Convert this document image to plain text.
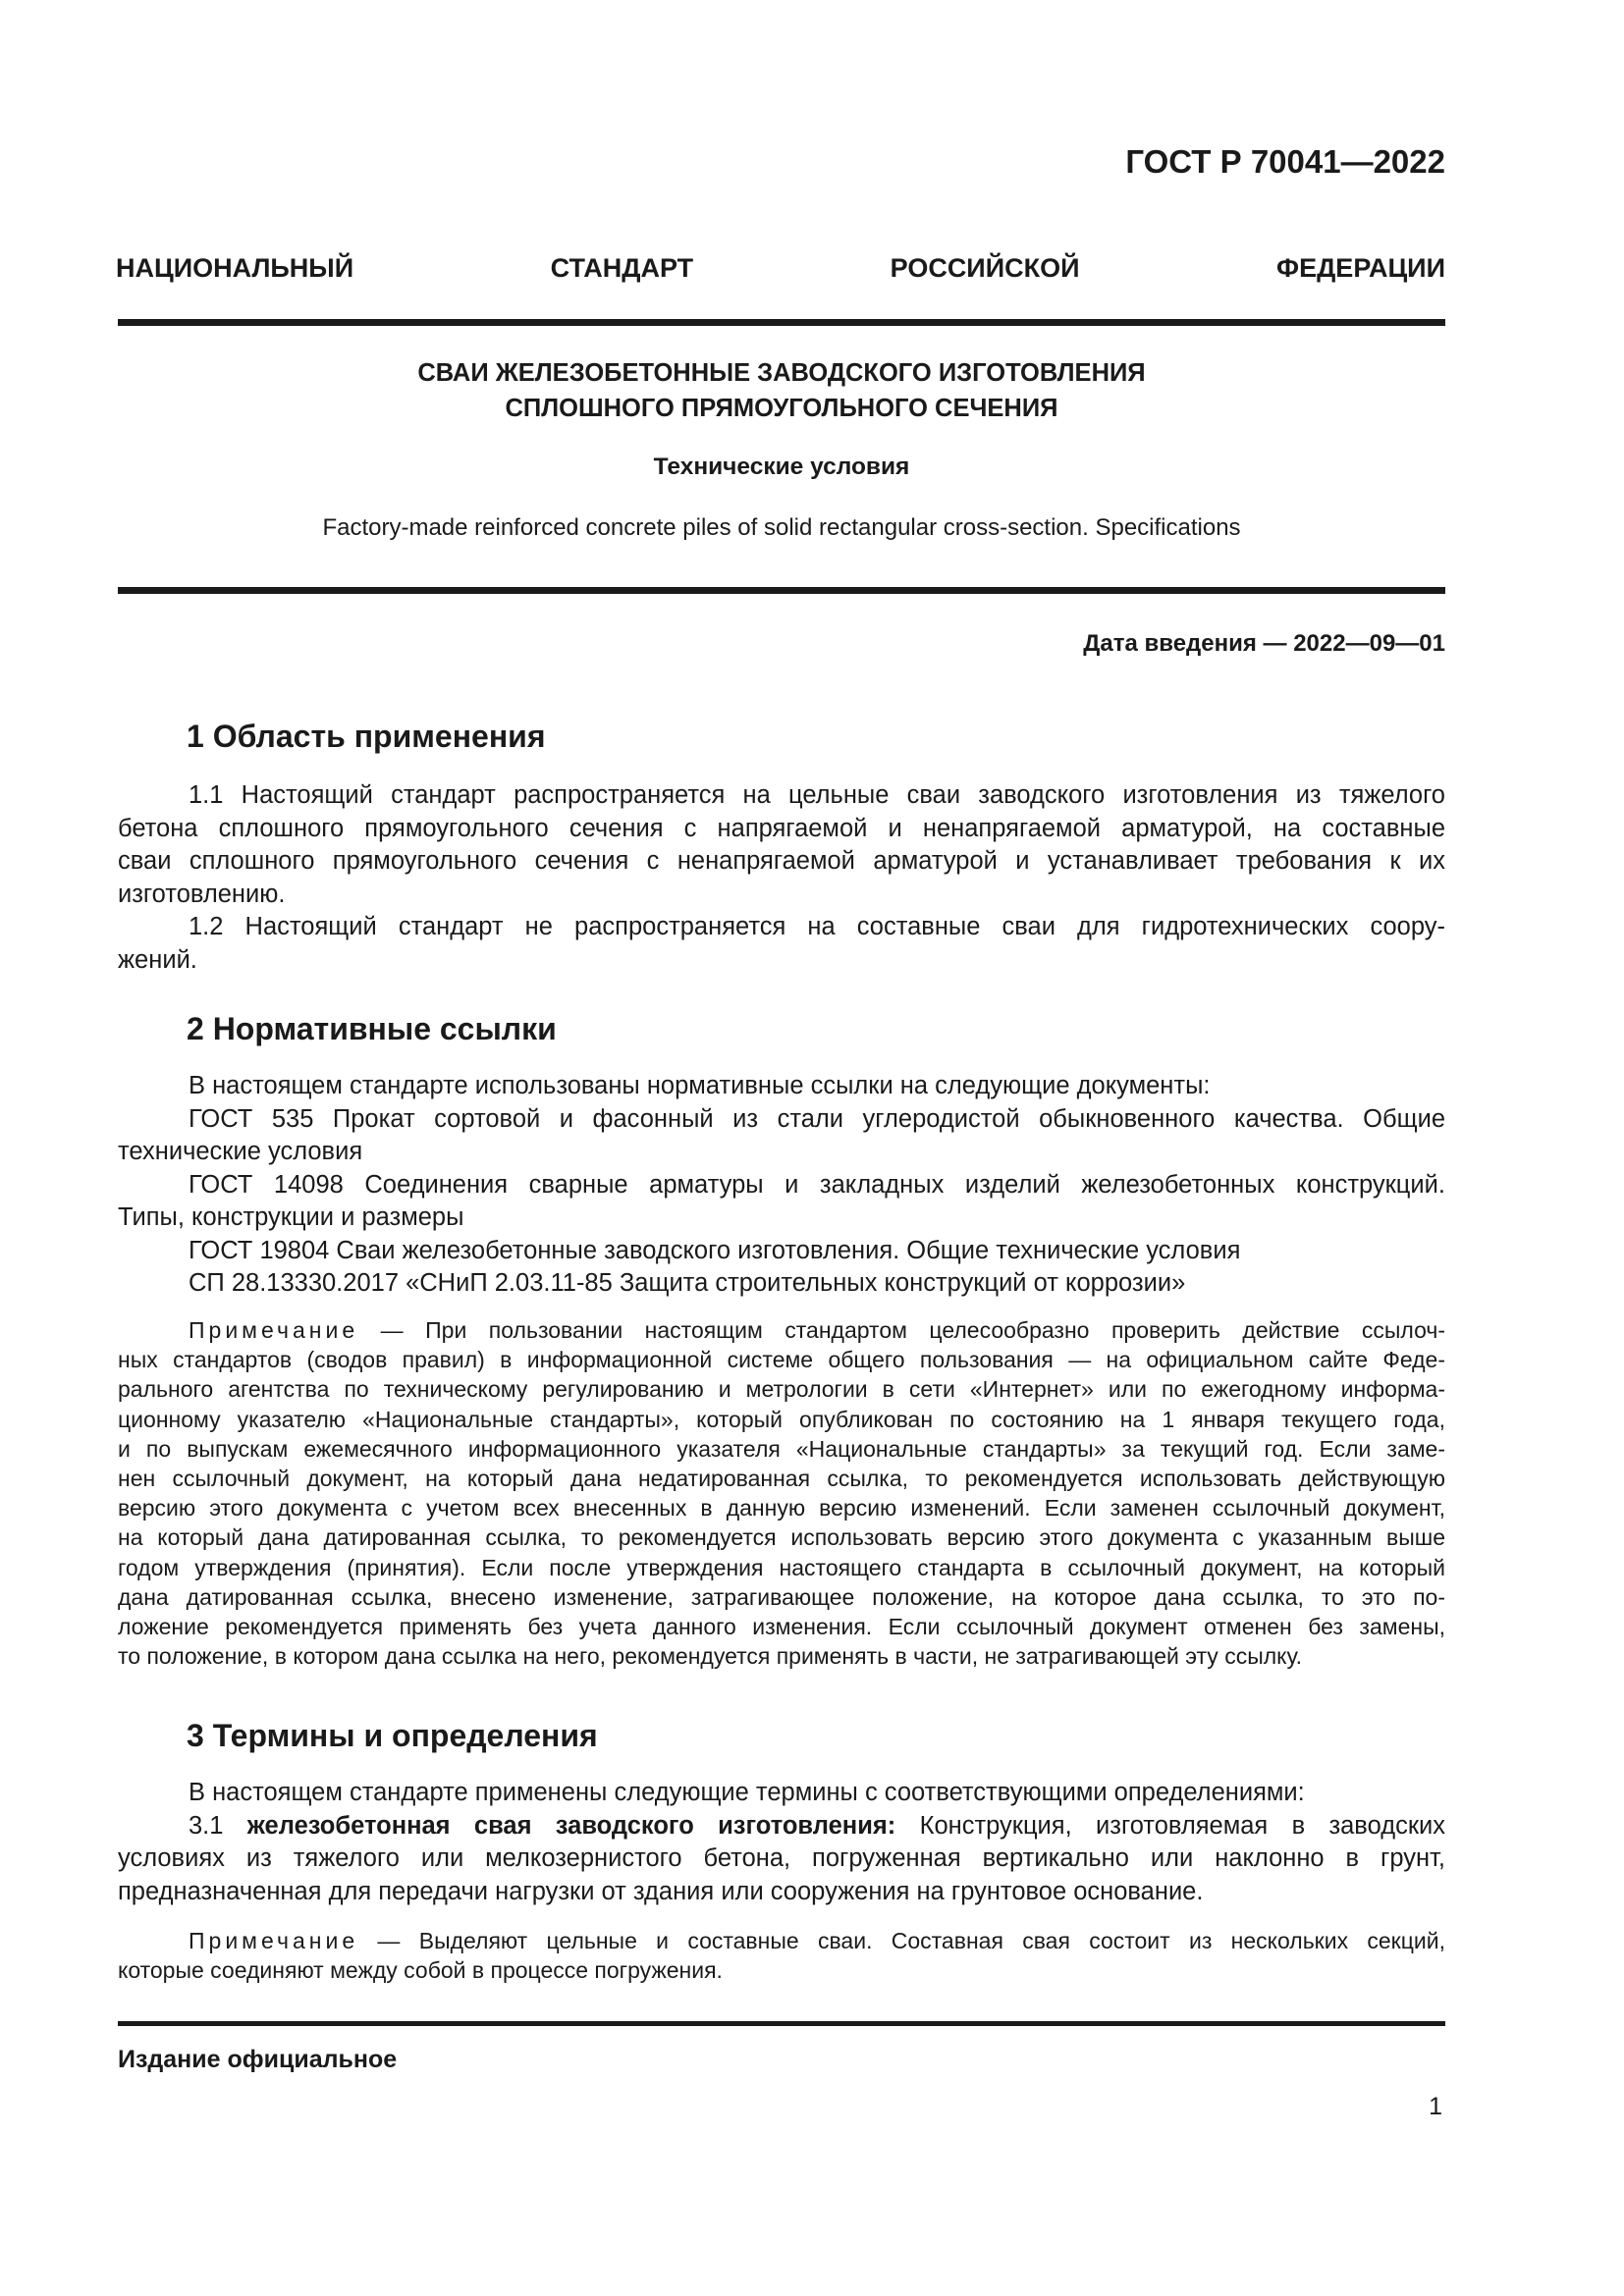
ГОСТ Р 70041—2022
НАЦИОНАЛЬНЫЙ СТАНДАРТ РОССИЙСКОЙ ФЕДЕРАЦИИ
СВАИ ЖЕЛЕЗОБЕТОННЫЕ ЗАВОДСКОГО ИЗГОТОВЛЕНИЯ
СПЛОШНОГО ПРЯМОУГОЛЬНОГО СЕЧЕНИЯ
Технические условия
Factory-made reinforced concrete piles of solid rectangular cross-section. Specifications
Дата введения — 2022—09—01
1 Область применения
1.1 Настоящий стандарт распространяется на цельные сваи заводского изготовления из тяжелого
бетона сплошного прямоугольного сечения с напрягаемой и ненапрягаемой арматурой, на составные
сваи сплошного прямоугольного сечения с ненапрягаемой арматурой и устанавливает требования к их
изготовлению.
1.2 Настоящий стандарт не распространяется на составные сваи для гидротехнических соору-
жений.
2 Нормативные ссылки
В настоящем стандарте использованы нормативные ссылки на следующие документы:
ГОСТ 535 Прокат сортовой и фасонный из стали углеродистой обыкновенного качества. Общие
технические условия
ГОСТ 14098 Соединения сварные арматуры и закладных изделий железобетонных конструкций.
Типы, конструкции и размеры
ГОСТ 19804 Сваи железобетонные заводского изготовления. Общие технические условия
СП 28.13330.2017 «СНиП 2.03.11-85 Защита строительных конструкций от коррозии»
Примечание — При пользовании настоящим стандартом целесообразно проверить действие ссылоч-
ных стандартов (сводов правил) в информационной системе общего пользования — на официальном сайте Феде-
рального агентства по техническому регулированию и метрологии в сети «Интернет» или по ежегодному информа-
ционному указателю «Национальные стандарты», который опубликован по состоянию на 1 января текущего года,
и по выпускам ежемесячного информационного указателя «Национальные стандарты» за текущий год. Если заме-
нен ссылочный документ, на который дана недатированная ссылка, то рекомендуется использовать действующую
версию этого документа с учетом всех внесенных в данную версию изменений. Если заменен ссылочный документ,
на который дана датированная ссылка, то рекомендуется использовать версию этого документа с указанным выше
годом утверждения (принятия). Если после утверждения настоящего стандарта в ссылочный документ, на который
дана датированная ссылка, внесено изменение, затрагивающее положение, на которое дана ссылка, то это по-
ложение рекомендуется применять без учета данного изменения. Если ссылочный документ отменен без замены,
то положение, в котором дана ссылка на него, рекомендуется применять в части, не затрагивающей эту ссылку.
3 Термины и определения
В настоящем стандарте применены следующие термины с соответствующими определениями:
3.1 железобетонная свая заводского изготовления: Конструкция, изготовляемая в заводских
условиях из тяжелого или мелкозернистого бетона, погруженная вертикально или наклонно в грунт,
предназначенная для передачи нагрузки от здания или сооружения на грунтовое основание.
Примечание — Выделяют цельные и составные сваи. Составная свая состоит из нескольких секций,
которые соединяют между собой в процессе погружения.
Издание официальное
1
